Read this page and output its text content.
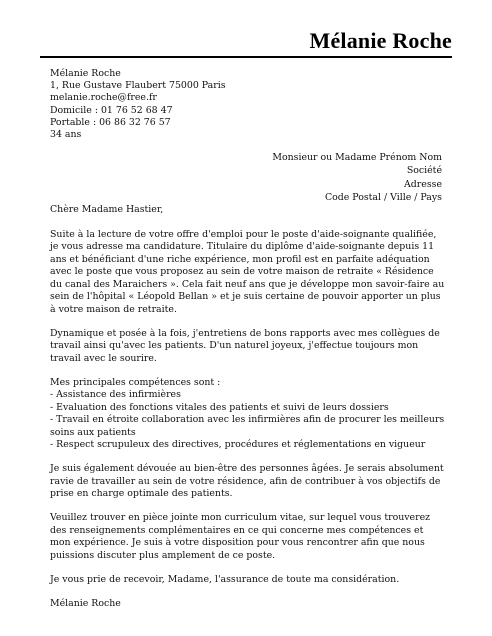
Mélanie Roche
Mélanie Roche
1, Rue Gustave Flaubert 75000 Paris
melanie.roche@free.fr
Domicile : 01 76 52 68 47
Portable : 06 86 32 76 57
34 ans
Monsieur ou Madame Prénom Nom
Société
Adresse
Code Postal / Ville / Pays

Chère Madame Hastier,

Suite à la lecture de votre offre d'emploi pour le poste d'aide-soignante qualifiée, je vous adresse ma candidature. Titulaire du diplôme d'aide-soignante depuis 11 ans et bénéficiant d'une riche expérience, mon profil est en parfaite adéquation avec le poste que vous proposez au sein de votre maison de retraite « Résidence du canal des Maraichers ». Cela fait neuf ans que je développe mon savoir-faire au sein de l'hôpital « Léopold Bellan » et je suis certaine de pouvoir apporter un plus à votre maison de retraite.

Dynamique et posée à la fois, j'entretiens de bons rapports avec mes collègues de travail ainsi qu'avec les patients. D'un naturel joyeux, j'effectue toujours mon travail avec le sourire.

Mes principales compétences sont :
- Assistance des infirmières
- Evaluation des fonctions vitales des patients et suivi de leurs dossiers
- Travail en étroite collaboration avec les infirmières afin de procurer les meilleurs
soins aux patients
- Respect scrupuleux des directives, procédures et réglementations en vigueur

Je suis également dévouée au bien-être des personnes âgées. Je serais absolument ravie de travailler au sein de votre résidence, afin de contribuer à vos objectifs de prise en charge optimale des patients.

Veuillez trouver en pièce jointe mon curriculum vitae, sur lequel vous trouverez des renseignements complémentaires en ce qui concerne mes compétences et mon expérience. Je suis à votre disposition pour vous rencontrer afin que nous puissions discuter plus amplement de ce poste.

Je vous prie de recevoir, Madame, l'assurance de toute ma considération.

Mélanie Roche
